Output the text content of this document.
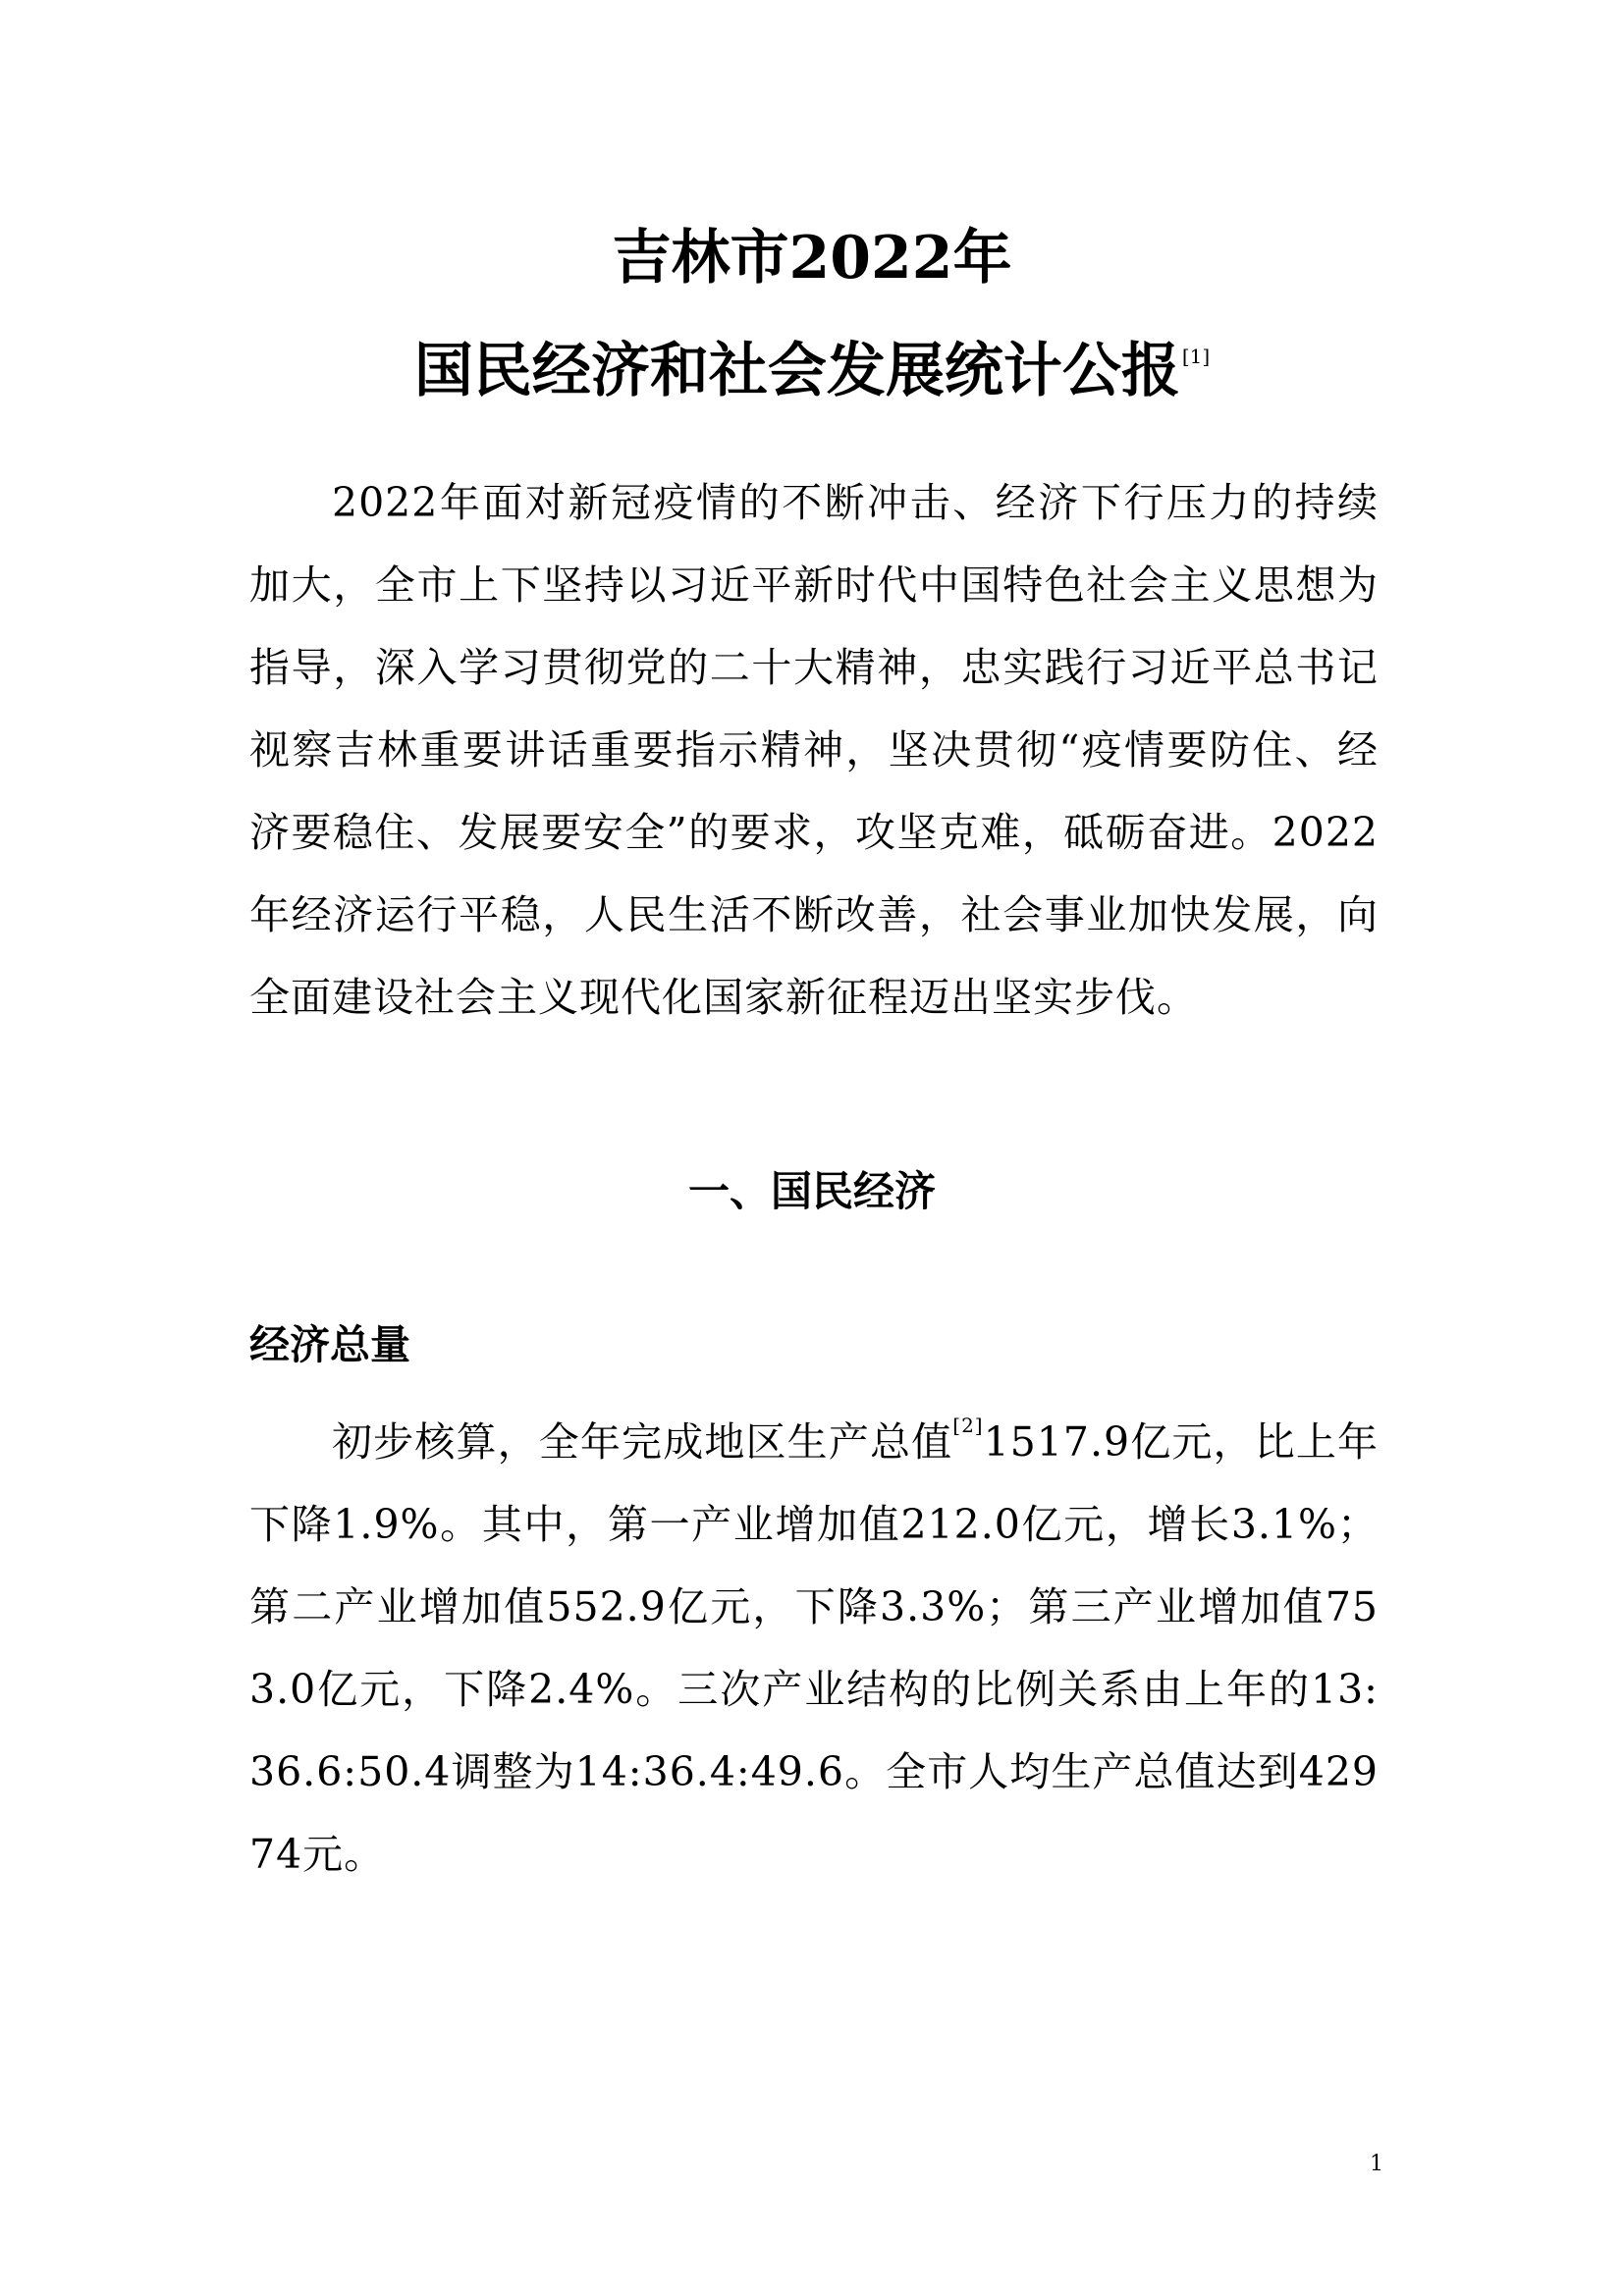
吉林市2022年
国民经济和社会发展统计公报 [1]

2022年面对新冠疫情的不断冲击、经济下行压力的持续加大，全市上下坚持以习近平新时代中国特色社会主义思想为指导，深入学习贯彻党的二十大精神，忠实践行习近平总书记视察吉林重要讲话重要指示精神，坚决贯彻“疫情要防住、经济要稳住、发展要安全”的要求，攻坚克难，砥砺奋进。2022年经济运行平稳，人民生活不断改善，社会事业加快发展，向全面建设社会主义现代化国家新征程迈出坚实步伐。

一、国民经济
经济总量

初步核算，全年完成地区生产总值[2]1517.9亿元，比上年下降1.9%。其中，第一产业增加值212.0亿元，增长3.1%；第二产业增加值552.9亿元，下降3.3%；第三产业增加值753.0亿元，下降2.4%。三次产业结构的比例关系由上年的13:36.6:50.4调整为14:36.4:49.6。全市人均生产总值达到42974元。

1
